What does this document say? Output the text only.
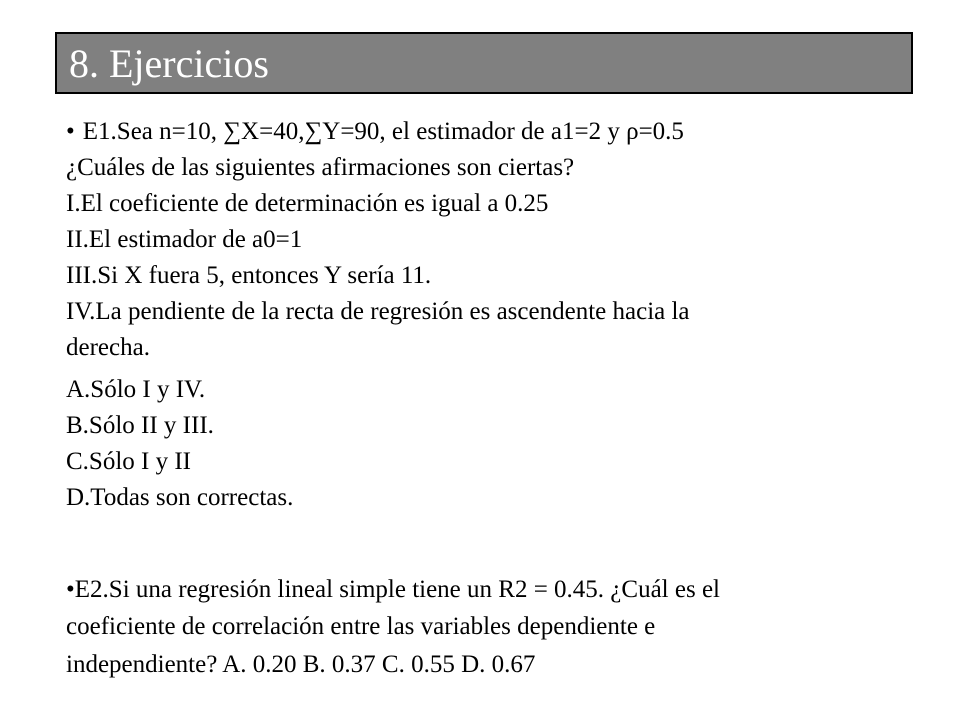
8. Ejercicios
• E1.Sea n=10, ∑X=40,∑Y=90, el estimador de a1=2 y ρ=0.5
¿Cuáles de las siguientes afirmaciones son ciertas?
I.El coeficiente de determinación es igual a 0.25
II.El estimador de a0=1
III.Si X fuera 5, entonces Y sería 11.
IV.La pendiente de la recta de regresión es ascendente hacia la
derecha.
A.Sólo I y IV.
B.Sólo II y III.
C.Sólo I y II
D.Todas son correctas.
•E2.Si una regresión lineal simple tiene un R2 = 0.45. ¿Cuál es el
coeficiente de correlación entre las variables dependiente e
independiente? A. 0.20 B. 0.37 C. 0.55 D. 0.67
